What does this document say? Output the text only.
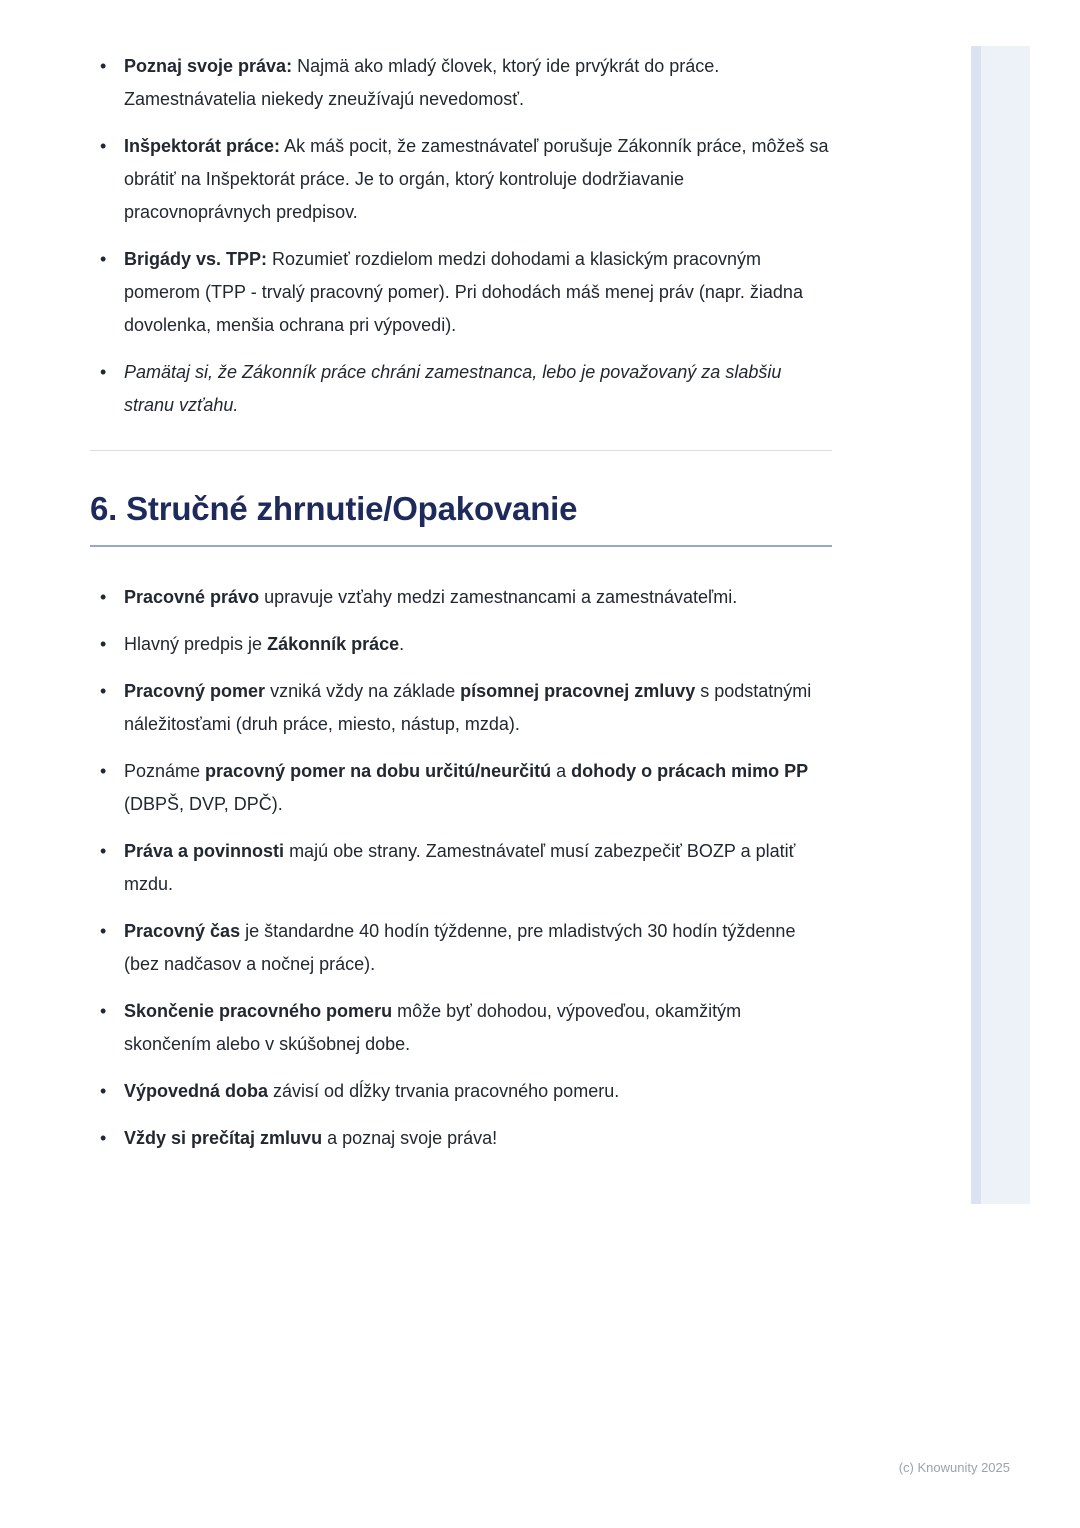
• Poznaj svoje práva: Najmä ako mladý človek, ktorý ide prvýkrát do práce. Zamestnávatelia niekedy zneužívajú nevedomosť.
• Inšpektorát práce: Ak máš pocit, že zamestnávateľ porušuje Zákonník práce, môžeš sa obrátiť na Inšpektorát práce. Je to orgán, ktorý kontroluje dodržiavanie pracovnoprávnych predpisov.
• Brigády vs. TPP: Rozumieť rozdielom medzi dohodami a klasickým pracovným pomerom (TPP - trvalý pracovný pomer). Pri dohodách máš menej práv (napr. žiadna dovolenka, menšia ochrana pri výpovedi).
• Pamätaj si, že Zákonník práce chráni zamestnanca, lebo je považovaný za slabšiu stranu vzťahu.
6. Stručné zhrnutie/Opakovanie
• Pracovné právo upravuje vzťahy medzi zamestnancami a zamestnávateľmi.
• Hlavný predpis je Zákonník práce.
• Pracovný pomer vzniká vždy na základe písomnej pracovnej zmluvy s podstatnými náležitosťami (druh práce, miesto, nástup, mzda).
• Poznáme pracovný pomer na dobu určitú/neurčitú a dohody o prácach mimo PP (DBPŠ, DVP, DPČ).
• Práva a povinnosti majú obe strany. Zamestnávateľ musí zabezpečiť BOZP a platiť mzdu.
• Pracovný čas je štandardne 40 hodín týždenne, pre mladistvých 30 hodín týždenne (bez nadčasov a nočnej práce).
• Skončenie pracovného pomeru môže byť dohodou, výpoveďou, okamžitým skončením alebo v skúšobnej dobe.
• Výpovedná doba závisí od dĺžky trvania pracovného pomeru.
• Vždy si prečítaj zmluvu a poznaj svoje práva!
(c) Knowunity 2025
